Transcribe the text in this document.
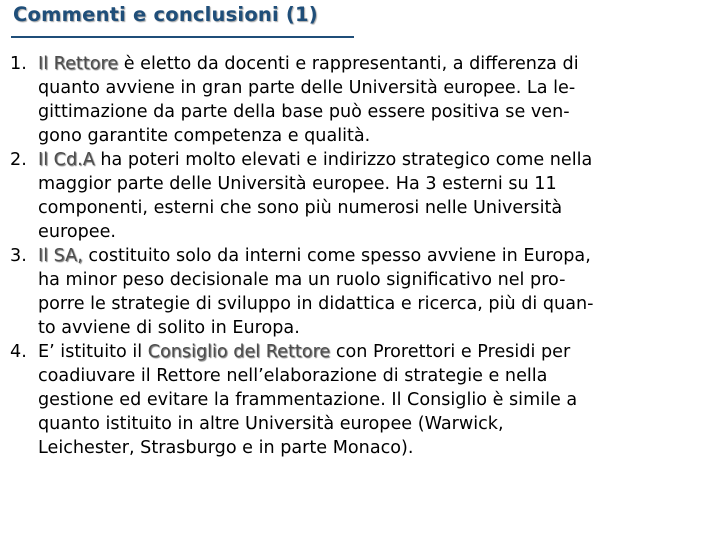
Commenti e conclusioni (1)
1. Il Rettore è eletto da docenti e rappresentanti, a differenza di
quanto avviene in gran parte delle Università europee. La le-
gittimazione da parte della base può essere positiva se ven-
gono garantite competenza e qualità.
2. Il Cd.A ha poteri molto elevati e indirizzo strategico come nella
maggior parte delle Università europee. Ha 3 esterni su 11
componenti, esterni che sono più numerosi nelle Università
europee.
3. Il SA, costituito solo da interni come spesso avviene in Europa,
ha minor peso decisionale ma un ruolo significativo nel pro-
porre le strategie di sviluppo in didattica e ricerca, più di quan-
to avviene di solito in Europa.
4. E’ istituito il Consiglio del Rettore con Prorettori e Presidi per
coadiuvare il Rettore nell’elaborazione di strategie e nella
gestione ed evitare la frammentazione. Il Consiglio è simile a
quanto istituito in altre Università europee (Warwick,
Leichester, Strasburgo e in parte Monaco).
